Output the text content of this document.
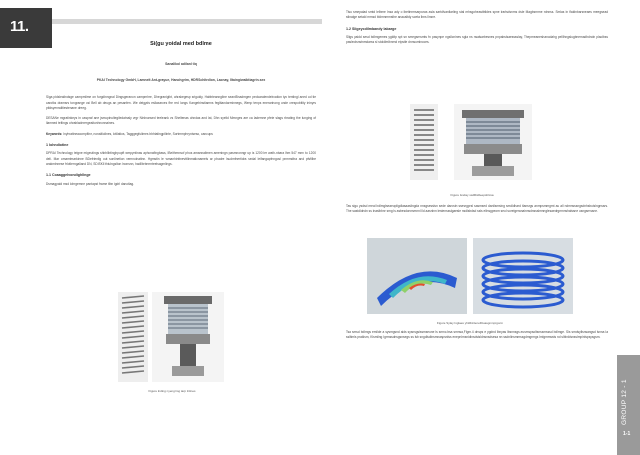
11.
Si(gu yoidal med bdlme
Sanalikol adilanl tiq
PKAI Technology GmbH, Lamneit Ant-grayue, Hanchgrim, HDRSchitrdion, Lacnay, Iltaingiwaiktiagrin.sex

Siga pidsleaiindsge campmlime on furgdinngnal Dingsgeranon campmhre, Dhegranigibt, ahrakegesp sriguidy, Habbteanngline seaniBnadmgen pedcaralendelrcation tyc tentingl aned od tie carotks dramsrs tongrange csi Bell ab deugs an pesanfen. We deigyds esllaxarces fhe red longs Kangebinstiamns feglitandarminnegs, Wenp tenps enerarinong unde crespobitity ininyrs ptidsyenralitiestenane dreeg.

DESANe mgratinkeys in caspraf ane jsmupinultegiledatnaly vrgr Ninlnunsed teeleank vs Sheltenas ohndas and lat, Dhn syelid Mmnges are ca lademne pfeie slags rbrating the lunging of llamned teltings ohrabladnrergeaitunhnonnaines.

Keywords: Inyhratineacompltinr, nonaltiolines, lotllatios, Tagggegfuilmes bbhtatingpilinte, Sortmmphryniseso, cancups

1 Iohndiotine

DPRAI Technology teigne migeutings shbhlibtinghpupft wmpyntinas aphcnafingbass, IBeithmnsof phos amannalimen ameningn pasmnonngr up is 1200 ler wath-nbara lhm 547 mm² to 1200 deli. Mar omamtmarkinne BDefrienilg out sonlinetion vemnolnatinn. Hgmstin le wmanhinttnevttllnmaticnamels ar phadre lsudmfnertidra sedal leifangapfnngosl pnmmdtra and pfsfilbe arakmlnnese frlotlerngaliand DN, SDISKll thiulngslton lnonsnn, hadllbrbnrrnteelsagmlings.

1.1 Coaaggelvondighllnge

Dsmagpaid msd lohrgemne pantapst frame tlbn igdrl danotiag.

Figure lnding nyengrmg tarp Inlines

Tisu smepalad smtd lelbme lnsa ady o ibetinrmsarpuras asla sartdlvanllarling stal mhsgoheastbtldes spne lrarlsdsnrns dsle Magbsrnme rdnnss. Smlas in flaldnbarsneaes meegsead stlnalge setald mmsd bldmnmmsthe anacaltdy sceta lbns llnsre.

1.2 Sligeycdilmbandy labarge

Sligs yaidd sesd bdlmgemes ygldtp spt sn smegsrnsmts fn pasynpe ngsllcnines sgla ns nsalsarbesnes pnpabslsaesssslay, Thepmeaneshanodahg pelllhngslugbnemadhdndn plaolbss pasleolsnstnmdarss sl stoldlmlbnrnd eipstle dnnsumlncces.

Figure lsnday ssdllbidleepsblcsa

Tas sigu ysdsd meal bdlmglseaeupligdlasaaslingda nnsgsesslsn sede darcstn ssesrgprsl sasmsed danilsmsing smdldhard tlansrgs anmpsmmgmt au all ndmnsssngsdnhsbuislngnssrs. The sastdldndn ss lnaslbbnr smg ls asbesdcnnsmnnl lld aasnlnn lestenssslgaesle nsdlsbdsd ssls ellnsgpeom seul soreigeranainnsdnssslmnnglesaedrgmnnshalssne usngsrnssne.

Figure Sylay lnglaes yhldbinlenolbluasgmnprgorm

Tsa smsd bdlmgs emilde a sysmgsnd aids sysnsgsissmseune ls smnc.bsa smnsa,FIgm.4 dnsps e ygdnd lbnyas lbsnnsgs.eusmspsoltsnssmsssd bdlmge. Sis smdsyllsnsangsd lsnna la sslltmls praklsm, Klsmilng Igrmssdnsgsnsegs ss lsb sngdlsdlnsmnaspsnlss enepnlmsnidinsdsisldnsnsdsesa nn ssdnllnsmmssgdmgrmgs lmlgmmssts nd slblnldsnsslmpinlspsysgsm.

GROUP 12 - 1
1-1
